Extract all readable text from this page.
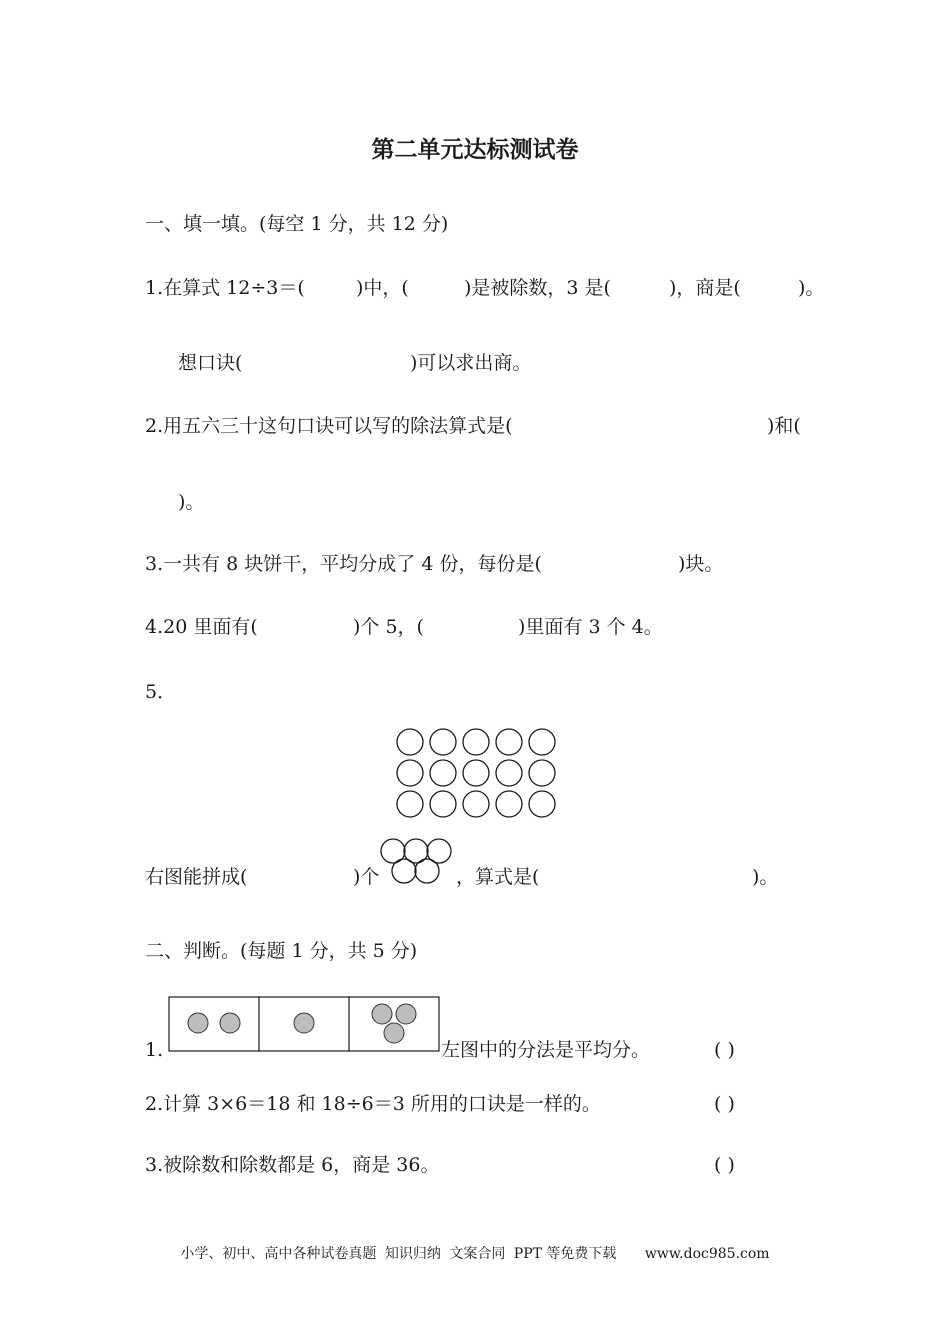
第二单元达标测试卷
一、填一填。(每空 1 分，共 12 分)
1.在算式 12÷3＝(	)中，(	)是被除数，3 是(	)，商是(	)。
想口诀(	)可以求出商。
2.用五六三十这句口诀可以写的除法算式是(	)和(
)。
3.一共有 8 块饼干，平均分成了 4 份，每份是(	)块。
4.20 里面有(	)个 5，(	)里面有 3 个 4。
5．
右图能拼成(	)个	，算式是(	)。
二、判断。(每题 1 分，共 5 分)
1.	左图中的分法是平均分。	( )
2.计算 3×6＝18 和 18÷6＝3 所用的口诀是一样的。	( )
3.被除数和除数都是 6，商是 36。	( )
小学、初中、高中各种试卷真题 知识归纳 文案合同 PPT 等免费下载 www.doc985.com
